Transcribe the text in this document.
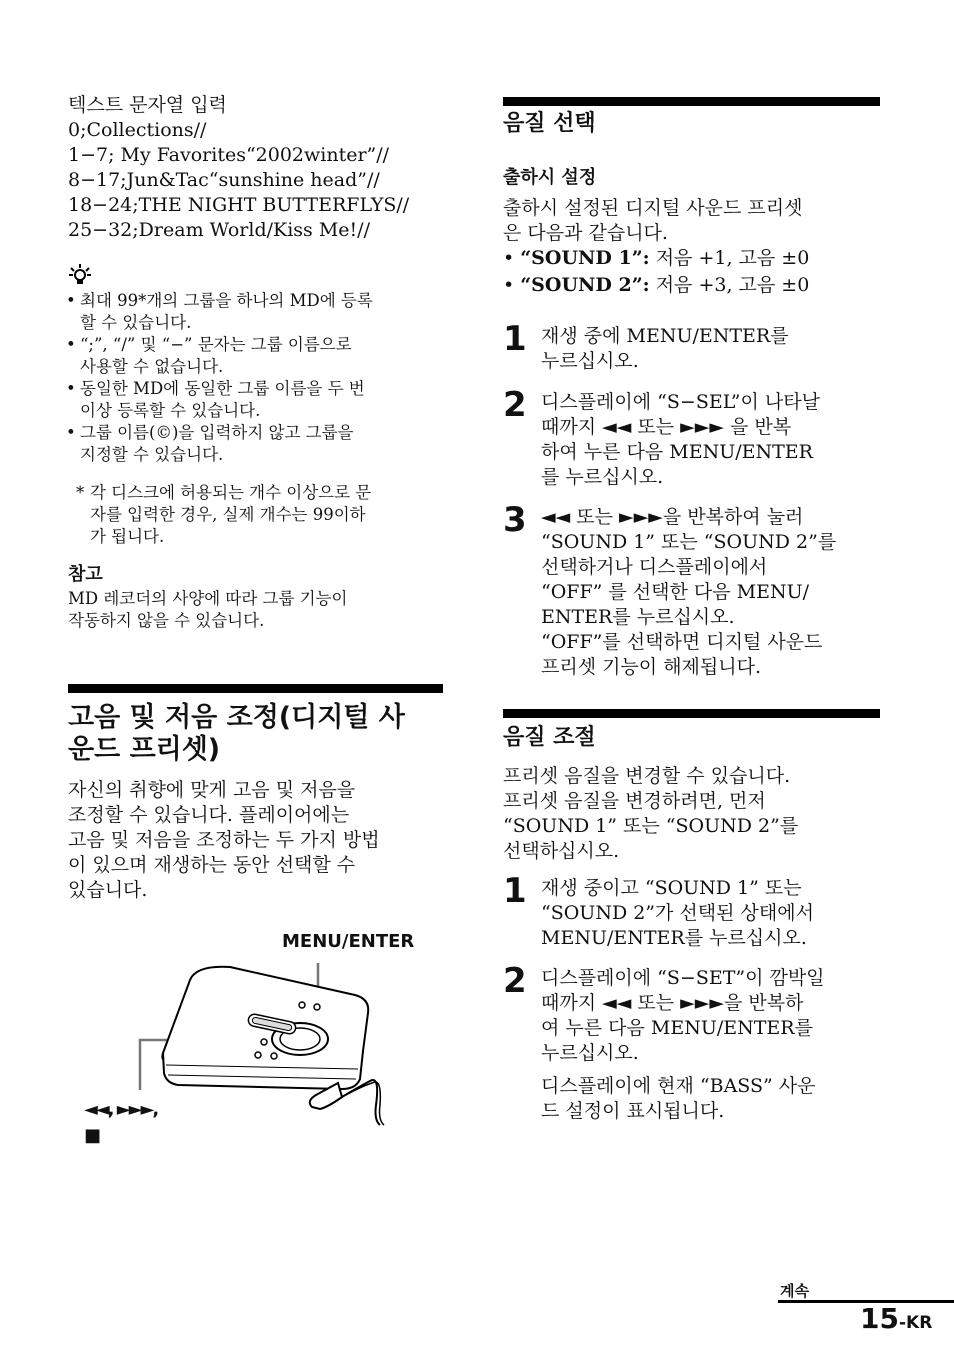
텍스트 문자열 입력
0;Collections//
1−7; My Favorites“2002winter”//
8−17;Jun&Tac“sunshine head”//
18−24;THE NIGHT BUTTERFLYS//
25−32;Dream World/Kiss Me!//
• 최대 99*개의 그룹을 하나의 MD에 등록
할 수 있습니다.
• “;”, “/” 및 “−” 문자는 그룹 이름으로
사용할 수 없습니다.
• 동일한 MD에 동일한 그룹 이름을 두 번
이상 등록할 수 있습니다.
• 그룹 이름(©)을 입력하지 않고 그룹을
지정할 수 있습니다.
* 각 디스크에 허용되는 개수 이상으로 문
자를 입력한 경우, 실제 개수는 99이하
가 됩니다.
참고
MD 레코더의 사양에 따라 그룹 기능이
작동하지 않을 수 있습니다.
고음 및 저음 조정(디지털 사
운드 프리셋)
자신의 취향에 맞게 고음 및 저음을
조정할 수 있습니다. 플레이어에는
고음 및 저음을 조정하는 두 가지 방법
이 있으며 재생하는 동안 선택할 수
있습니다.
MENU/ENTER
◄◄, ►►►,
■
음질 선택
출하시 설정
출하시 설정된 디지털 사운드 프리셋
은 다음과 같습니다.
• “SOUND 1”: 저음 +1, 고음 ±0
• “SOUND 2”: 저음 +3, 고음 ±0
1 재생 중에 MENU/ENTER를
누르십시오.
2 디스플레이에 “S−SEL”이 나타날
때까지 ◄◄ 또는 ►►► 을 반복
하여 누른 다음 MENU/ENTER
를 누르십시오.
3 ◄◄ 또는 ►►►을 반복하여 눌러
“SOUND 1” 또는 “SOUND 2”를
선택하거나 디스플레이에서
“OFF” 를 선택한 다음 MENU/
ENTER를 누르십시오.
“OFF”를 선택하면 디지털 사운드
프리셋 기능이 해제됩니다.
음질 조절
프리셋 음질을 변경할 수 있습니다.
프리셋 음질을 변경하려면, 먼저
“SOUND 1” 또는 “SOUND 2”를
선택하십시오.
1 재생 중이고 “SOUND 1” 또는
“SOUND 2”가 선택된 상태에서
MENU/ENTER를 누르십시오.
2 디스플레이에 “S−SET”이 깜박일
때까지 ◄◄ 또는 ►►►을 반복하
여 누른 다음 MENU/ENTER를
누르십시오.
디스플레이에 현재 “BASS” 사운
드 설정이 표시됩니다.
계속
15-KR
